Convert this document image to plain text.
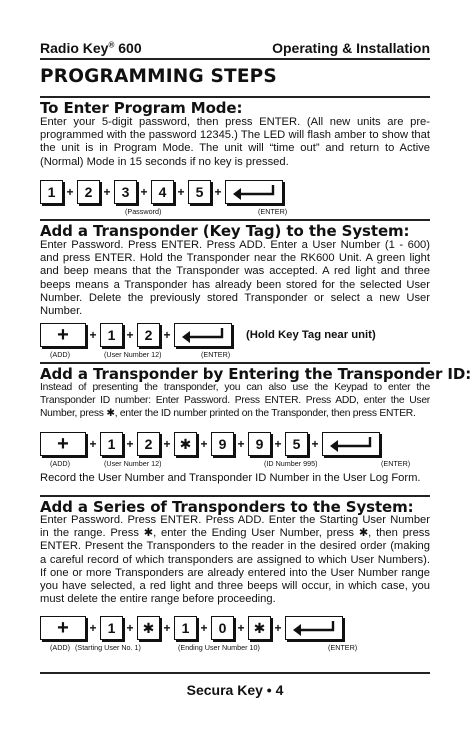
Radio Key® 600	Operating & Installation
PROGRAMMING STEPS
To Enter Program Mode:
Enter your 5-digit password, then press ENTER. (All new units are pre-programmed with the password 12345.) The LED will flash amber to show that the unit is in Program Mode. The unit will “time out” and return to Active (Normal) Mode in 15 seconds if no key is pressed.
1 + 2 + 3 + 4 + 5 +
(Password)	(ENTER)
Add a Transponder (Key Tag) to the System:
Enter Password. Press ENTER. Press ADD. Enter a User Number (1 - 600) and press ENTER. Hold the Transponder near the RK600 Unit. A green light and beep means that the Transponder was accepted. A red light and three beeps means a Transponder has already been stored for the selected User Number. Delete the previously stored Transponder or select a new User Number.
+	+ 1 + 2 +	(Hold Key Tag near unit)
(ADD)	(User Number 12)	(ENTER)
Add a Transponder by Entering the Transponder ID:
Instead of presenting the transponder, you can also use the Keypad to enter the Transponder ID number: Enter Password. Press ENTER. Press ADD, enter the User Number, press ✱, enter the ID number printed on the Transponder, then press ENTER.
+	+ 1 + 2 + ✱ + 9 + 9 + 5 +
(ADD)	(User Number 12)	(ID Number 995)	(ENTER)
Record the User Number and Transponder ID Number in the User Log Form.
Add a Series of Transponders to the System:
Enter Password. Press ENTER. Press ADD. Enter the Starting User Number in the range. Press ✱, enter the Ending User Number, press ✱, then press ENTER. Present the Transponders to the reader in the desired order (making a careful record of which transponders are assigned to which User Numbers). If one or more Transponders are already entered into the User Number range you have selected, a red light and three beeps will occur, in which case, you must delete the entire range before proceeding.
+	+ 1 + ✱ + 1 + 0 + ✱ +
(ADD) (Starting User No. 1)	(Ending User Number 10)	(ENTER)
Secura Key • 4
